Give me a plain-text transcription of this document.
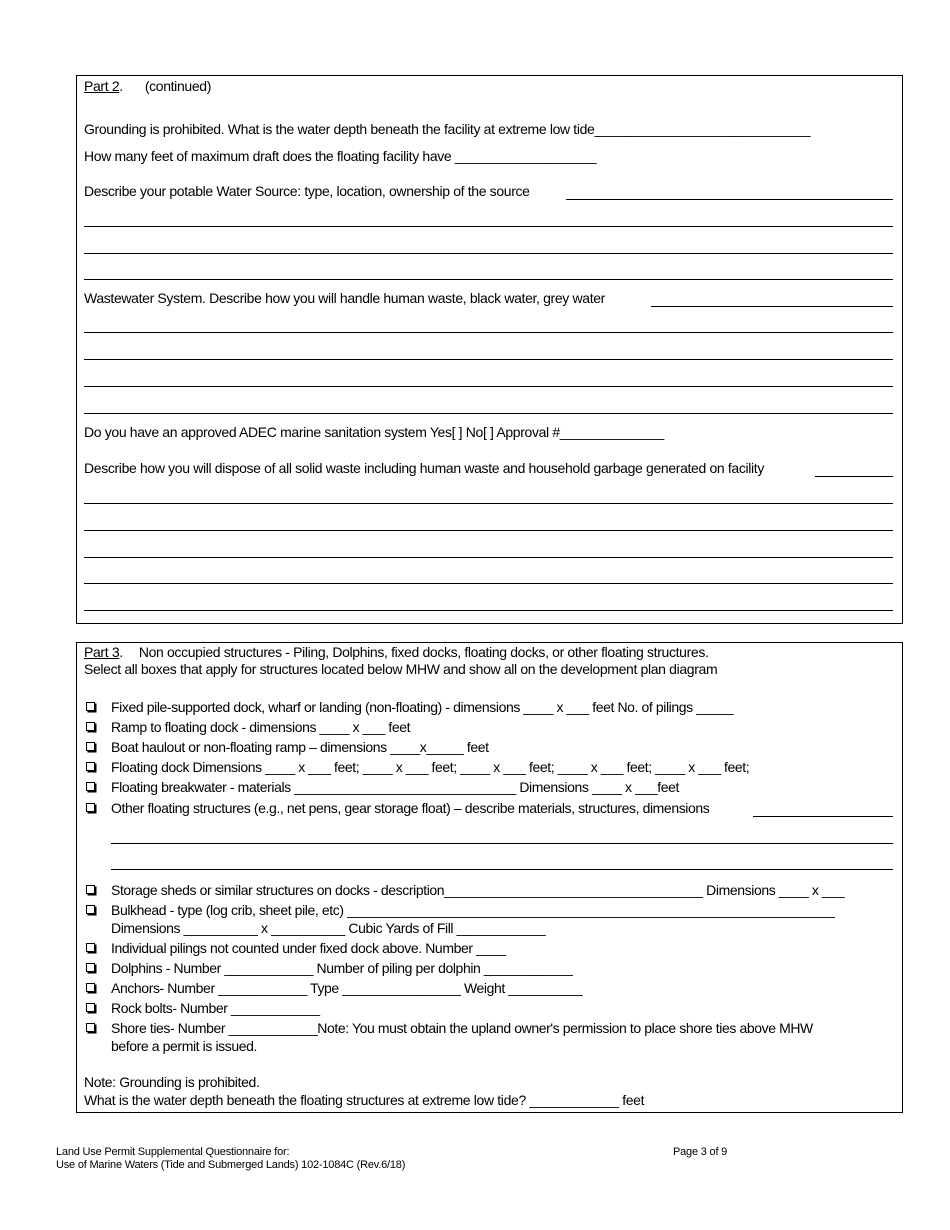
Part 2. (continued)
Grounding is prohibited. What is the water depth beneath the facility at extreme low tide_____________________________
How many feet of maximum draft does the floating facility have ___________________
Describe your potable Water Source: type, location, ownership of the source
Wastewater System. Describe how you will handle human waste, black water, grey water
Do you have an approved ADEC marine sanitation system Yes[ ] No[ ] Approval #______________
Describe how you will dispose of all solid waste including human waste and household garbage generated on facility
Part 3. Non occupied structures - Piling, Dolphins, fixed docks, floating docks, or other floating structures.
Select all boxes that apply for structures located below MHW and show all on the development plan diagram
Fixed pile-supported dock, wharf or landing (non-floating) - dimensions ____ x ___ feet No. of pilings _____
Ramp to floating dock - dimensions ____ x ___ feet
Boat haulout or non-floating ramp – dimensions ____x_____ feet
Floating dock Dimensions ____ x ___ feet; ____ x ___ feet; ____ x ___ feet; ____ x ___ feet; ____ x ___ feet;
Floating breakwater - materials ______________________________ Dimensions ____ x ___feet
Other floating structures (e.g., net pens, gear storage float) – describe materials, structures, dimensions
Storage sheds or similar structures on docks - description___________________________________ Dimensions ____ x ___
Bulkhead - type (log crib, sheet pile, etc) __________________________________________________________________
Dimensions __________ x __________ Cubic Yards of Fill ____________
Individual pilings not counted under fixed dock above. Number ____
Dolphins - Number ____________ Number of piling per dolphin ____________
Anchors- Number ____________ Type ________________ Weight __________
Rock bolts- Number ____________
Shore ties- Number ____________Note: You must obtain the upland owner's permission to place shore ties above MHW
before a permit is issued.
Note: Grounding is prohibited.
What is the water depth beneath the floating structures at extreme low tide? ____________ feet
Land Use Permit Supplemental Questionnaire for:
Use of Marine Waters (Tide and Submerged Lands) 102-1084C (Rev.6/18)
Page 3 of 9
